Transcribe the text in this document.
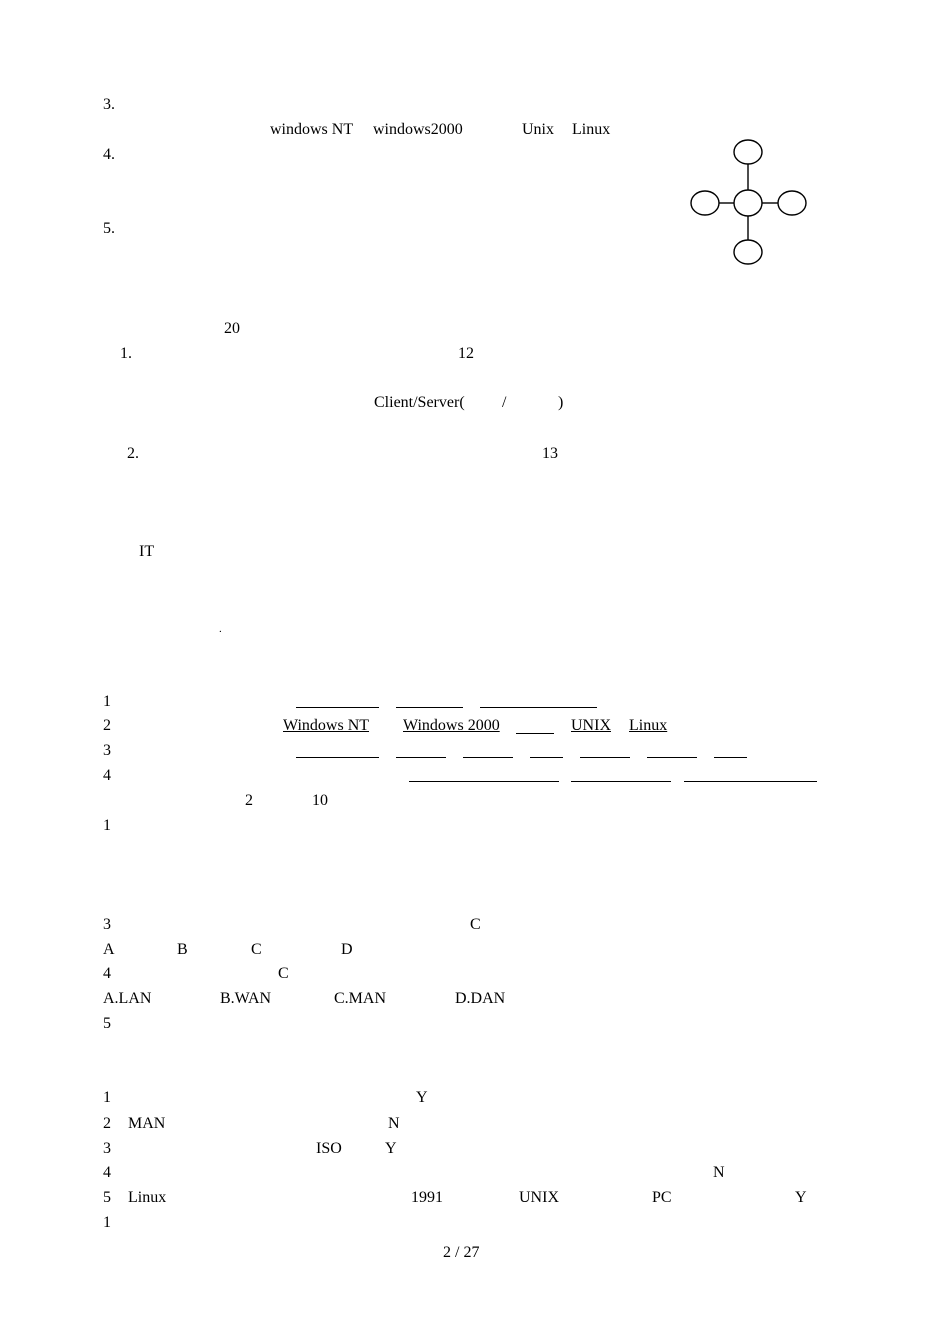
3.
windows NT windows2000	Unix Linux
4.
5.
20
1.	12
Client/Server( /	)
2.	13
IT
.
1
2	Windows NT Windows 2000	UNIX Linux
3
4
2	10
1
3	C
A	B	C	D
4	C
A.LAN	B.WAN	C.MAN	D.DAN
5
1	Y
2 MAN	N
3	ISO	Y
4	N
5 Linux	1991	UNIX	PC	Y
1
2 / 27
